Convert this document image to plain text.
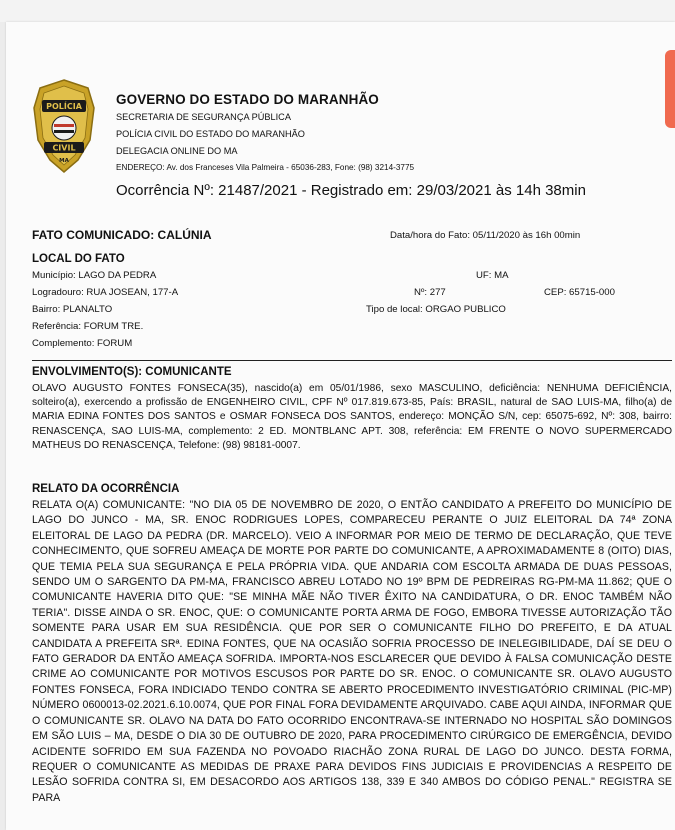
POLÍCIA
CIVIL
MA
GOVERNO DO ESTADO DO MARANHÃO
SECRETARIA DE SEGURANÇA PÚBLICA
POLÍCIA CIVIL DO ESTADO DO MARANHÃO
DELEGACIA ONLINE DO MA
ENDEREÇO: Av. dos Franceses Vila Palmeira - 65036-283, Fone: (98) 3214-3775
Ocorrência Nº: 21487/2021 - Registrado em: 29/03/2021 às 14h 38min
FATO COMUNICADO: CALÚNIA	Data/hora do Fato: 05/11/2020 às 16h 00min
LOCAL DO FATO
Município: LAGO DA PEDRA
Logradouro: RUA JOSEAN, 177-A
Bairro: PLANALTO
Referência: FORUM TRE.
Complemento: FORUM
UF: MA
Nº: 277	CEP: 65715-000
Tipo de local: ORGAO PUBLICO
ENVOLVIMENTO(S): COMUNICANTE
OLAVO AUGUSTO FONTES FONSECA(35), nascido(a) em 05/01/1986, sexo MASCULINO, deficiência: NENHUMA DEFICIÊNCIA, solteiro(a), exercendo a profissão de ENGENHEIRO CIVIL, CPF Nº 017.819.673-85, País: BRASIL, natural de SAO LUIS-MA, filho(a) de MARIA EDINA FONTES DOS SANTOS e OSMAR FONSECA DOS SANTOS, endereço: MONÇÃO S/N, cep: 65075-692, Nº: 308, bairro: RENASCENÇA, SAO LUIS-MA, complemento: 2 ED. MONTBLANC APT. 308, referência: EM FRENTE O NOVO SUPERMERCADO MATHEUS DO RENASCENÇA, Telefone: (98) 98181-0007.
RELATO DA OCORRÊNCIA
RELATA O(A) COMUNICANTE: "NO DIA 05 DE NOVEMBRO DE 2020, O ENTÃO CANDIDATO A PREFEITO DO MUNICÍPIO DE LAGO DO JUNCO - MA, SR. ENOC RODRIGUES LOPES, COMPARECEU PERANTE O JUIZ ELEITORAL DA 74ª ZONA ELEITORAL DE LAGO DA PEDRA (DR. MARCELO). VEIO A INFORMAR POR MEIO DE TERMO DE DECLARAÇÃO, QUE TEVE CONHECIMENTO, QUE SOFREU AMEAÇA DE MORTE POR PARTE DO COMUNICANTE, A APROXIMADAMENTE 8 (OITO) DIAS, QUE TEMIA PELA SUA SEGURANÇA E PELA PRÓPRIA VIDA. QUE ANDARIA COM ESCOLTA ARMADA DE DUAS PESSOAS, SENDO UM O SARGENTO DA PM-MA, FRANCISCO ABREU LOTADO NO 19º BPM DE PEDREIRAS RG-PM-MA 11.862; QUE O COMUNICANTE HAVERIA DITO QUE: "SE MINHA MÃE NÃO TIVER ÊXITO NA CANDIDATURA, O DR. ENOC TAMBÉM NÃO TERIA". DISSE AINDA O SR. ENOC, QUE: O COMUNICANTE PORTA ARMA DE FOGO, EMBORA TIVESSE AUTORIZAÇÃO TÃO SOMENTE PARA USAR EM SUA RESIDÊNCIA. QUE POR SER O COMUNICANTE FILHO DO PREFEITO, E DA ATUAL CANDIDATA A PREFEITA SRª. EDINA FONTES, QUE NA OCASIÃO SOFRIA PROCESSO DE INELEGIBILIDADE, DAÍ SE DEU O FATO GERADOR DA ENTÃO AMEAÇA SOFRIDA. IMPORTA-NOS ESCLARECER QUE DEVIDO À FALSA COMUNICAÇÃO DESTE CRIME AO COMUNICANTE POR MOTIVOS ESCUSOS POR PARTE DO SR. ENOC. O COMUNICANTE SR. OLAVO AUGUSTO FONTES FONSECA, FORA INDICIADO TENDO CONTRA SE ABERTO PROCEDIMENTO INVESTIGATÓRIO CRIMINAL (PIC-MP) NÚMERO 0600013-02.2021.6.10.0074, QUE POR FINAL FORA DEVIDAMENTE ARQUIVADO. CABE AQUI AINDA, INFORMAR QUE O COMUNICANTE SR. OLAVO NA DATA DO FATO OCORRIDO ENCONTRAVA-SE INTERNADO NO HOSPITAL SÃO DOMINGOS EM SÃO LUIS – MA, DESDE O DIA 30 DE OUTUBRO DE 2020, PARA PROCEDIMENTO CIRÚRGICO DE EMERGÊNCIA, DEVIDO ACIDENTE SOFRIDO EM SUA FAZENDA NO POVOADO RIACHÃO ZONA RURAL DE LAGO DO JUNCO. DESTA FORMA, REQUER O COMUNICANTE AS MEDIDAS DE PRAXE PARA DEVIDOS FINS JUDICIAIS E PROVIDENCIAS A RESPEITO DE LESÃO SOFRIDA CONTRA SI, EM DESACORDO AOS ARTIGOS 138, 339 E 340 AMBOS DO CÓDIGO PENAL." REGISTRA SE PARA
